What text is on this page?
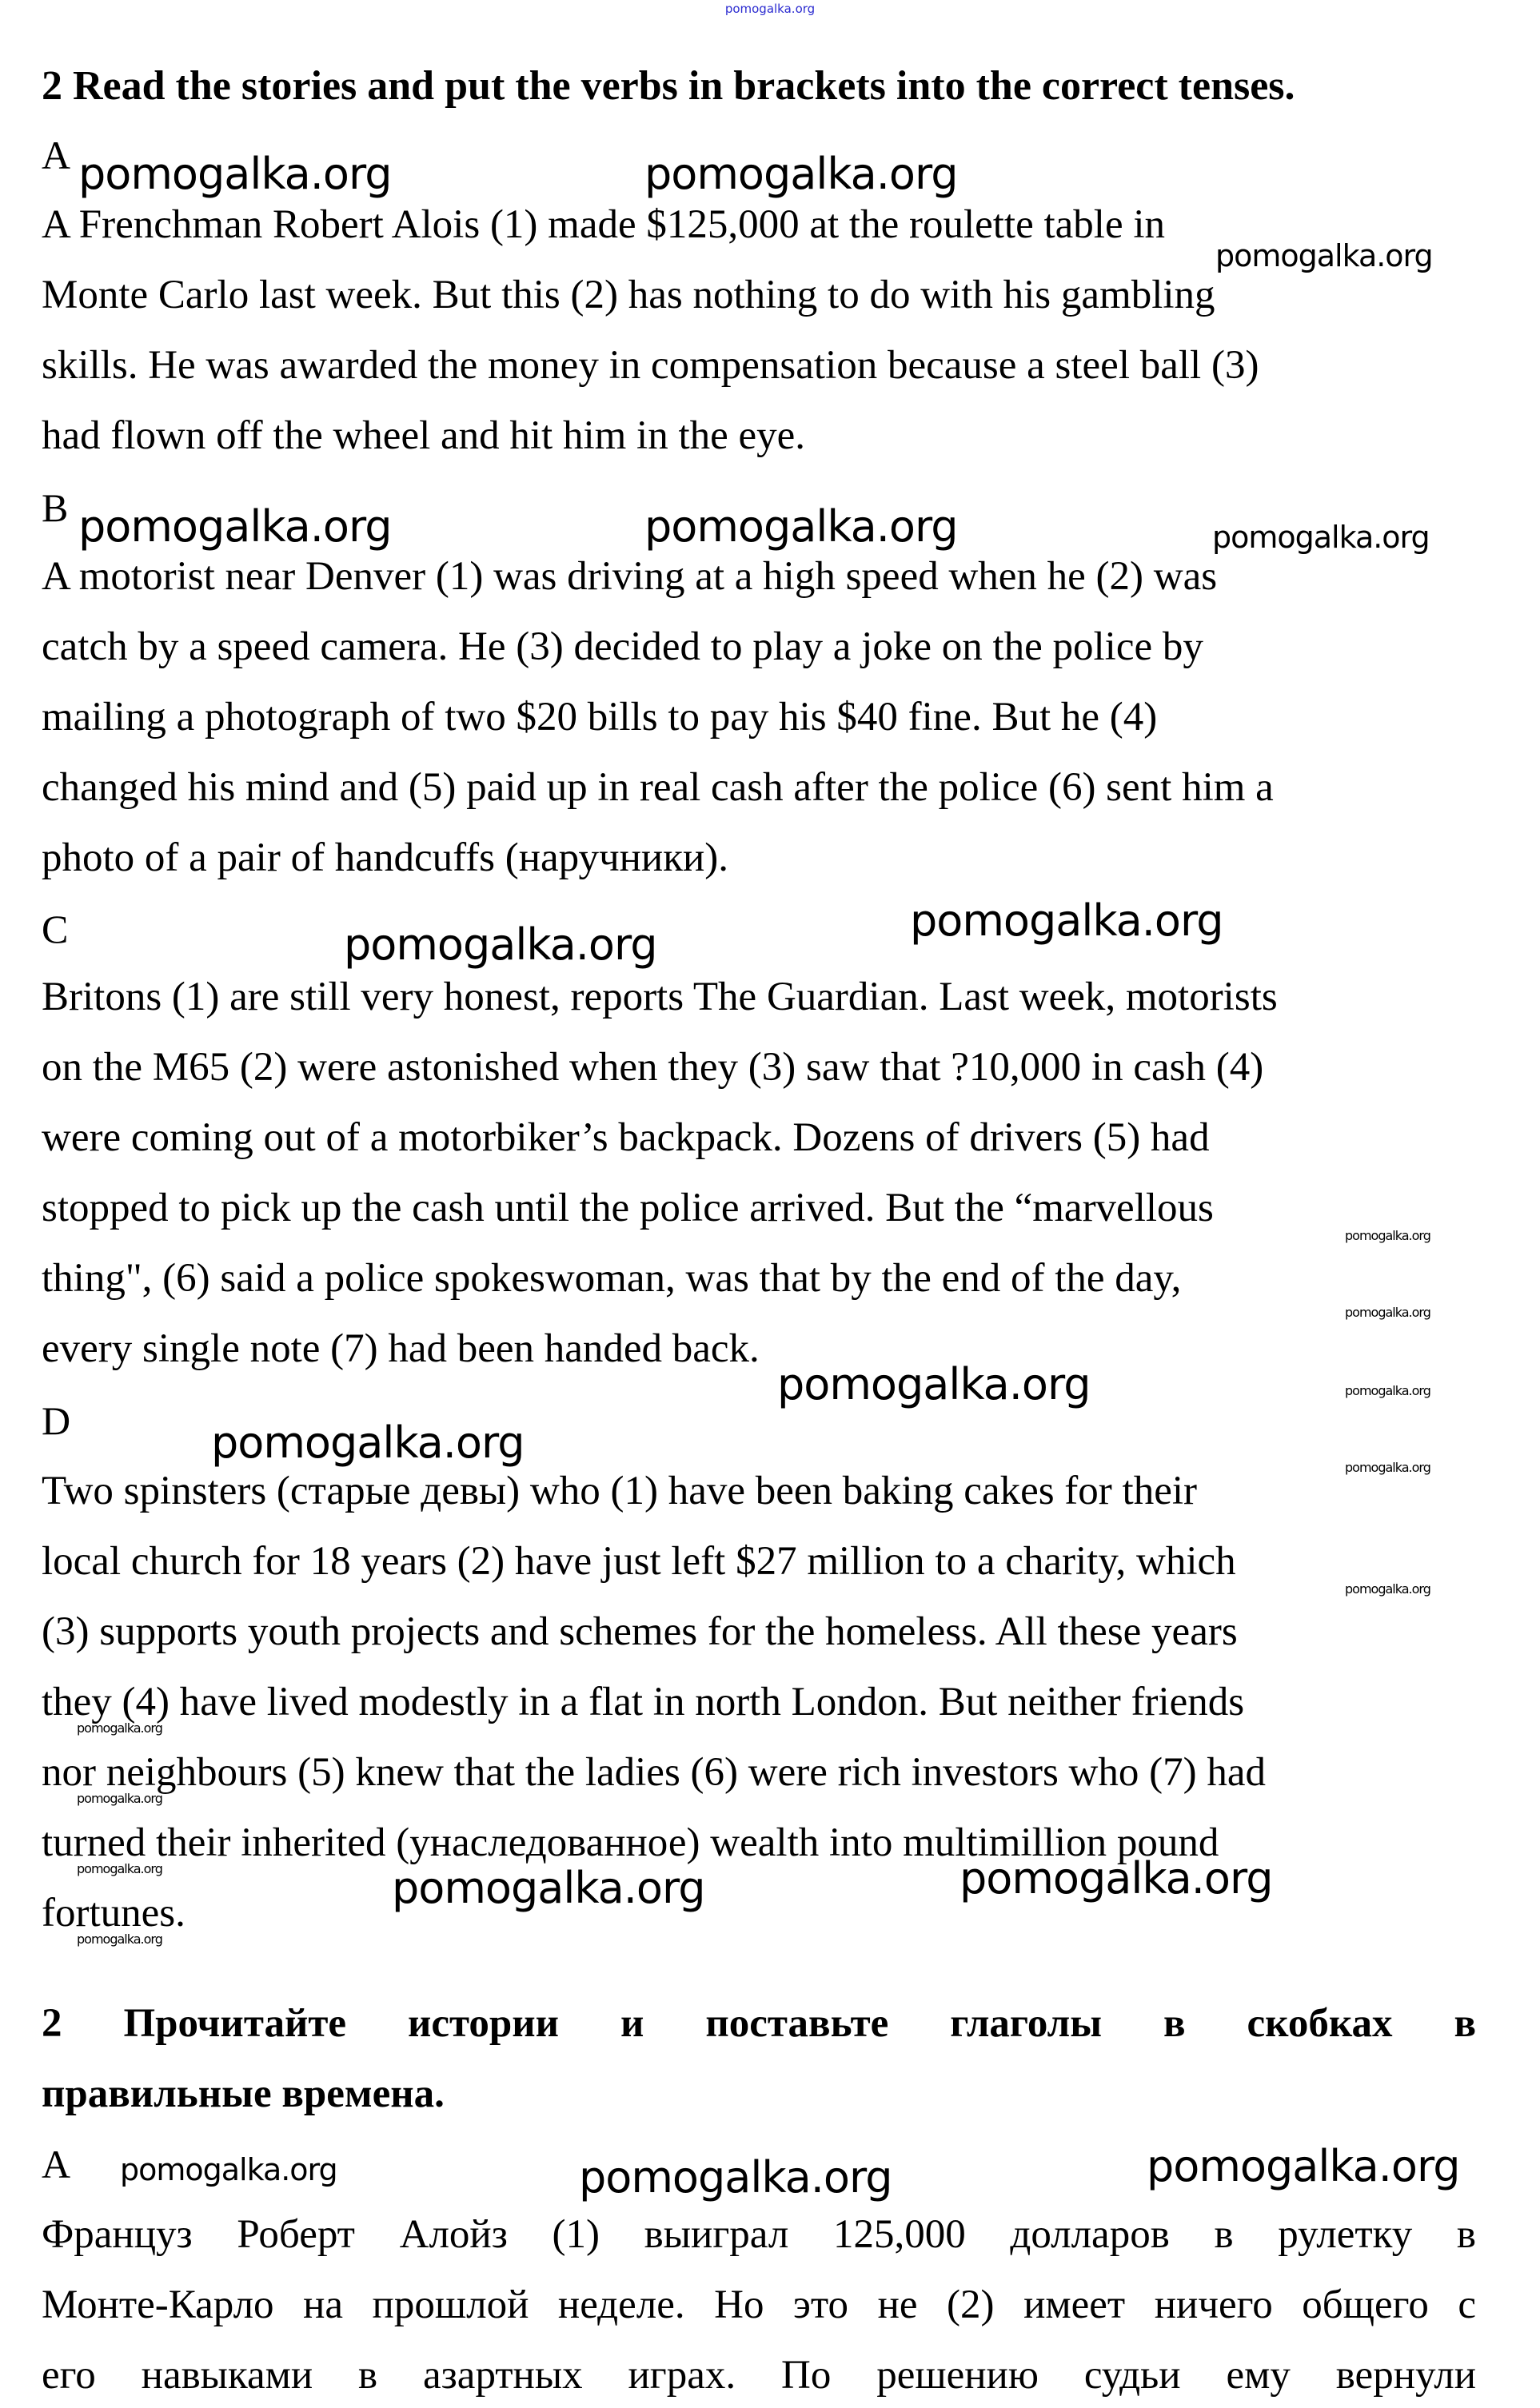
pomogalka.org
2 Read the stories and put the verbs in brackets into the correct tenses.
A pomogalka.org	pomogalka.org
pomogalka.org
A Frenchman Robert Alois (1) made $125,000 at the roulette table in
Monte Carlo last week. But this (2) has nothing to do with his gambling
skills. He was awarded the money in compensation because a steel ball (3)
had flown off the wheel and hit him in the eye.
B pomogalka.org	pomogalka.org	pomogalka.org
A motorist near Denver (1) was driving at a high speed when he (2) was
catch by a speed camera. He (3) decided to play a joke on the police by
mailing a photograph of two $20 bills to pay his $40 fine. But he (4)
changed his mind and (5) paid up in real cash after the police (6) sent him a
photo of a pair of handcuffs (наручники).
C	pomogalka.org	pomogalka.org
Britons (1) are still very honest, reports The Guardian. Last week, motorists
on the M65 (2) were astonished when they (3) saw that ?10,000 in cash (4)
were coming out of a motorbiker’s backpack. Dozens of drivers (5) had
stopped to pick up the cash until the police arrived. But the “marvellous
pomogalka.org
thing", (6) said a police spokeswoman, was that by the end of the day,
pomogalka.org
every single note (7) had been handed back.
pomogalka.org	pomogalka.org
D	pomogalka.org	pomogalka.org
Two spinsters (старые девы) who (1) have been baking cakes for their
local church for 18 years (2) have just left $27 million to a charity, which
pomogalka.org
(3) supports youth projects and schemes for the homeless. All these years
they (4) have lived modestly in a flat in north London. But neither friends
pomogalka.org
nor neighbours (5) knew that the ladies (6) were rich investors who (7) had
pomogalka.org
turned their inherited (унаследованное) wealth into multimillion pound
pomogalka.org	pomogalka.org	pomogalka.org
fortunes.
pomogalka.org
2 Прочитайте истории и поставьте глаголы в скобках в
правильные времена.
A pomogalka.org	pomogalka.org	pomogalka.org
Француз Роберт Алойз (1) выиграл 125,000 долларов в рулетку в
Монте-Карло на прошлой неделе. Но это не (2) имеет ничего общего с
его навыками в азартных играх. По решению судьи ему вернули
